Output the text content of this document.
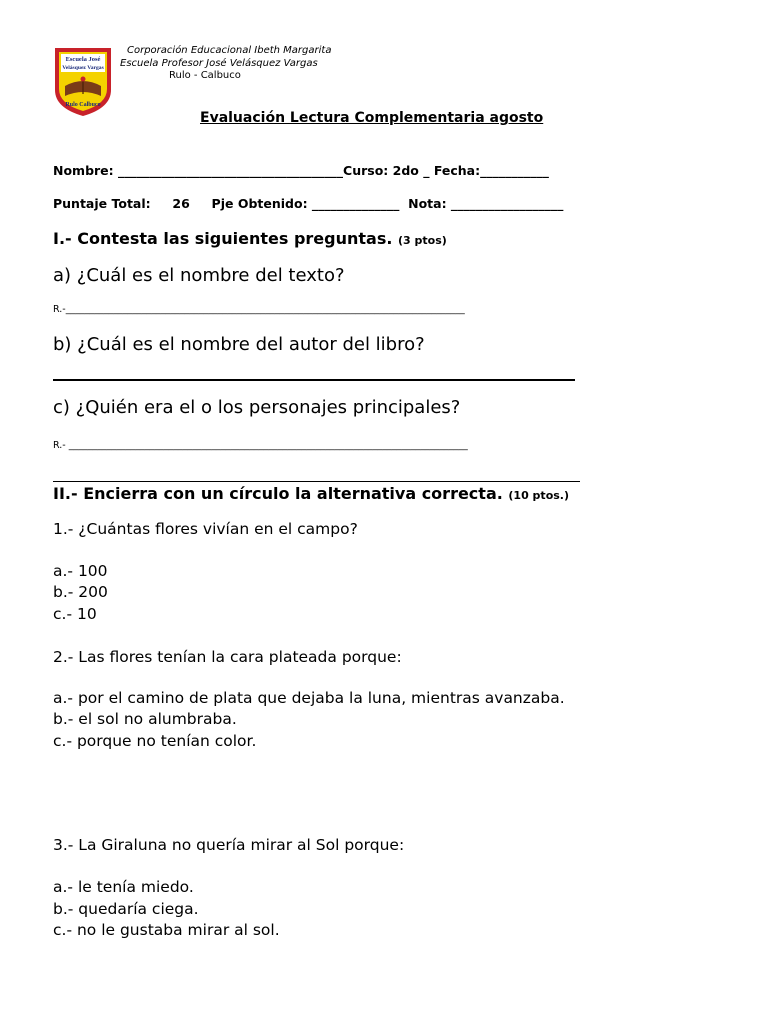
Escuela José
Velásquez Vargas
Rulo Calbuco
Corporación Educacional Ibeth Margarita
Escuela Profesor José Velásquez Vargas
Rulo - Calbuco
Evaluación Lectura Complementaria agosto
Nombre: ____________________________________Curso: 2do _ Fecha:___________
Puntaje Total:     26     Pje Obtenido: ______________  Nota: __________________
I.- Contesta las siguientes preguntas. (3 ptos)
a) ¿Cuál es el nombre del texto?
R.-____________________________________________________________________________________
b) ¿Cuál es el nombre del autor del libro?
c) ¿Quién era el o los personajes principales?
R.- ____________________________________________________________________________________
II.- Encierra con un círculo la alternativa correcta. (10 ptos.)
1.- ¿Cuántas flores vivían en el campo?
a.- 100
b.- 200
c.- 10
2.- Las flores tenían la cara plateada porque:
a.- por el camino de plata que dejaba la luna, mientras avanzaba.
b.- el sol no alumbraba.
c.- porque no tenían color.
3.- La Giraluna no quería mirar al Sol porque:
a.- le tenía miedo.
b.- quedaría ciega.
c.- no le gustaba mirar al sol.
